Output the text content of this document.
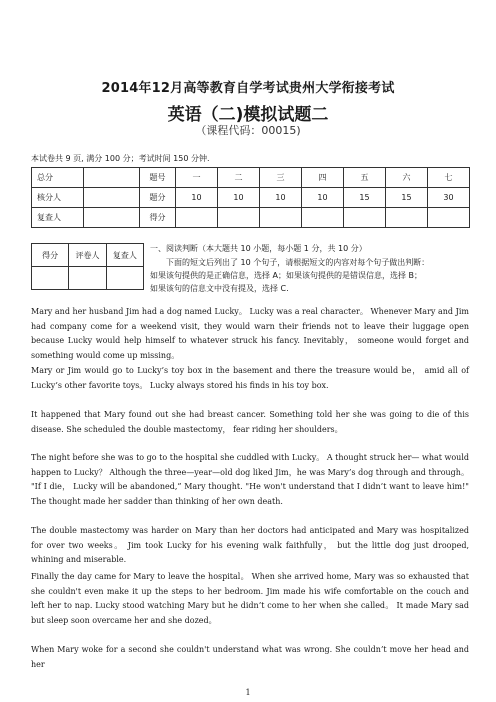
2014年12月高等教育自学考试贵州大学衔接考试
英语（二)模拟试题二
（课程代码：00015)
本试卷共 9 页, 满分 100 分；考试时间 150 分钟.
总分		题号	一	二	三	四	五	六	七
核分人		题分	10	10	10	10	15	15	30
复查人		得分							
得分	评卷人	复查人

一、阅读判断（本大题共 10 小题，每小题 1 分，共 10 分）
下面的短文后列出了 10 个句子，请根据短文的内容对每个句子做出判断：
如果该句提供的是正确信息，选择 A；如果该句提供的是错误信息，选择 B；
如果该句的信息文中没有提及，选择 C.

Mary and her husband Jim had a dog named Lucky。 Lucky was a real character。 Whenever Mary and Jim had company come for a weekend visit, they would warn their friends not to leave their luggage open because Lucky would help himself to whatever struck his fancy. Inevitably， someone would forget and something would come up missing。

Mary or Jim would go to Lucky’s toy box in the basement and there the treasure would be， amid all of Lucky’s other favorite toys。 Lucky always stored his finds in his toy box.

It happened that Mary found out she had breast cancer. Something told her she was going to die of this disease. She scheduled the double mastectomy， fear riding her shoulders。

The night before she was to go to the hospital she cuddled with Lucky。 A thought struck her— what would happen to Lucky？ Although the three—year—old dog liked Jim，he was Mary’s dog through and through。 "If I die， Lucky will be abandoned,” Mary thought. "He won't understand that I didn’t want to leave him!" The thought made her sadder than thinking of her own death.

The double mastectomy was harder on Mary than her doctors had anticipated and Mary was hospitalized for over two weeks。 Jim took Lucky for his evening walk faithfully， but the little dog just drooped, whining and miserable.

Finally the day came for Mary to leave the hospital。 When she arrived home, Mary was so exhausted that she couldn't even make it up the steps to her bedroom. Jim made his wife comfortable on the couch and left her to nap. Lucky stood watching Mary but he didn’t come to her when she called。 It made Mary sad but sleep soon overcame her and she dozed。

When Mary woke for a second she couldn't understand what was wrong. She couldn’t move her head and her

1
